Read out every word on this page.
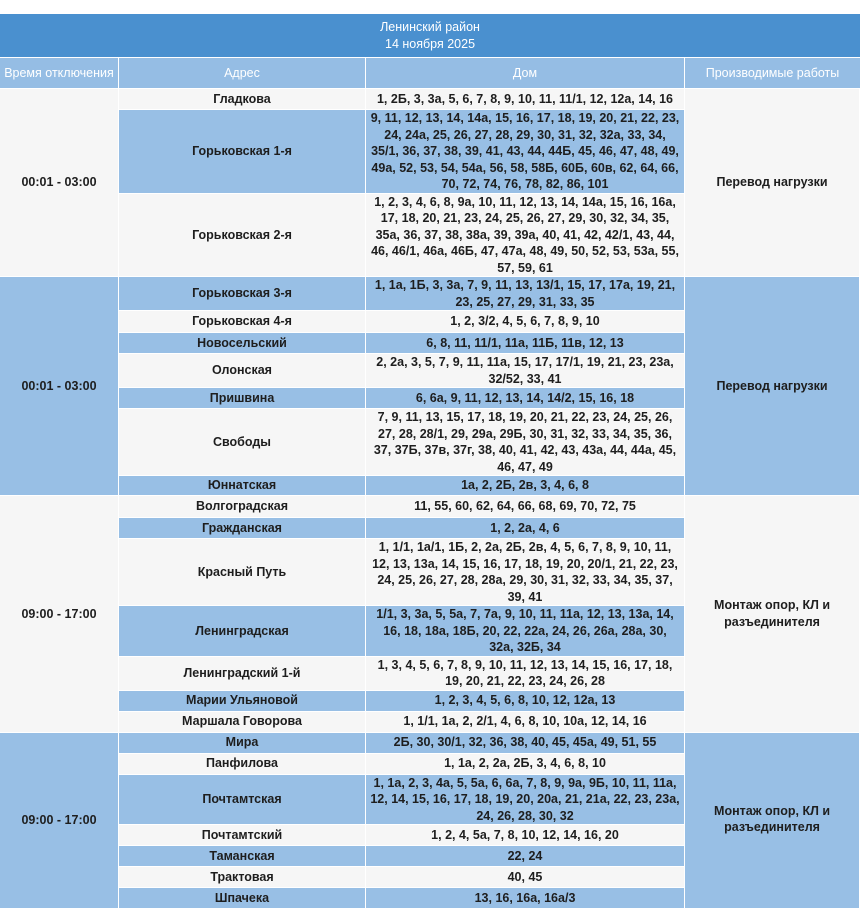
Ленинский район
14 ноября 2025			

Время отключения	Адрес	Дом	Производимые работы
00:01 - 03:00	Гладкова	1, 2Б, 3, 3а, 5, 6, 7, 8, 9, 10, 11, 11/1, 12, 12а, 14, 16	Перевод нагрузки
	Горьковская 1-я	9, 11, 12, 13, 14, 14а, 15, 16, 17, 18, 19, 20, 21, 22, 23, 24, 24а, 25, 26, 27, 28, 29, 30, 31, 32, 32а, 33, 34, 35/1, 36, 37, 38, 39, 41, 43, 44, 44Б, 45, 46, 47, 48, 49, 49а, 52, 53, 54, 54а, 56, 58, 58Б, 60Б, 60в, 62, 64, 66, 70, 72, 74, 76, 78, 82, 86, 101	
	Горьковская 2-я	1, 2, 3, 4, 6, 8, 9а, 10, 11, 12, 13, 14, 14а, 15, 16, 16а, 17, 18, 20, 21, 23, 24, 25, 26, 27, 29, 30, 32, 34, 35, 35а, 36, 37, 38, 38а, 39, 39а, 40, 41, 42, 42/1, 43, 44, 46, 46/1, 46а, 46Б, 47, 47а, 48, 49, 50, 52, 53, 53а, 55, 57, 59, 61	
00:01 - 03:00	Горьковская 3-я	1, 1а, 1Б, 3, 3а, 7, 9, 11, 13, 13/1, 15, 17, 17а, 19, 21, 23, 25, 27, 29, 31, 33, 35	Перевод нагрузки
	Горьковская 4-я	1, 2, 3/2, 4, 5, 6, 7, 8, 9, 10	
	Новосельский	6, 8, 11, 11/1, 11а, 11Б, 11в, 12, 13	
	Олонская	2, 2а, 3, 5, 7, 9, 11, 11а, 15, 17, 17/1, 19, 21, 23, 23а, 32/52, 33, 41	
	Пришвина	6, 6а, 9, 11, 12, 13, 14, 14/2, 15, 16, 18	
	Свободы	7, 9, 11, 13, 15, 17, 18, 19, 20, 21, 22, 23, 24, 25, 26, 27, 28, 28/1, 29, 29а, 29Б, 30, 31, 32, 33, 34, 35, 36, 37, 37Б, 37в, 37г, 38, 40, 41, 42, 43, 43а, 44, 44а, 45, 46, 47, 49	
	Юннатская	1а, 2, 2Б, 2в, 3, 4, 6, 8	
09:00 - 17:00	Волгоградская	11, 55, 60, 62, 64, 66, 68, 69, 70, 72, 75	Монтаж опор, КЛ и разъединителя
	Гражданская	1, 2, 2а, 4, 6	
	Красный Путь	1, 1/1, 1а/1, 1Б, 2, 2а, 2Б, 2в, 4, 5, 6, 7, 8, 9, 10, 11, 12, 13, 13а, 14, 15, 16, 17, 18, 19, 20, 20/1, 21, 22, 23, 24, 25, 26, 27, 28, 28а, 29, 30, 31, 32, 33, 34, 35, 37, 39, 41	
	Ленинградская	1/1, 3, 3а, 5, 5а, 7, 7а, 9, 10, 11, 11а, 12, 13, 13а, 14, 16, 18, 18а, 18Б, 20, 22, 22а, 24, 26, 26а, 28а, 30, 32а, 32Б, 34	
	Ленинградский 1-й	1, 3, 4, 5, 6, 7, 8, 9, 10, 11, 12, 13, 14, 15, 16, 17, 18, 19, 20, 21, 22, 23, 24, 26, 28	
	Марии Ульяновой	1, 2, 3, 4, 5, 6, 8, 10, 12, 12а, 13	
	Маршала Говорова	1, 1/1, 1а, 2, 2/1, 4, 6, 8, 10, 10а, 12, 14, 16	
09:00 - 17:00	Мира	2Б, 30, 30/1, 32, 36, 38, 40, 45, 45а, 49, 51, 55	Монтаж опор, КЛ и разъединителя
	Панфилова	1, 1а, 2, 2а, 2Б, 3, 4, 6, 8, 10	
	Почтамтская	1, 1а, 2, 3, 4а, 5, 5а, 6, 6а, 7, 8, 9, 9а, 9Б, 10, 11, 11а, 12, 14, 15, 16, 17, 18, 19, 20, 20а, 21, 21а, 22, 23, 23а, 24, 26, 28, 30, 32	
	Почтамтский	1, 2, 4, 5а, 7, 8, 10, 12, 14, 16, 20	
	Таманская	22, 24	
	Трактовая	40, 45	
	Шпачека	13, 16, 16а, 16а/3	
